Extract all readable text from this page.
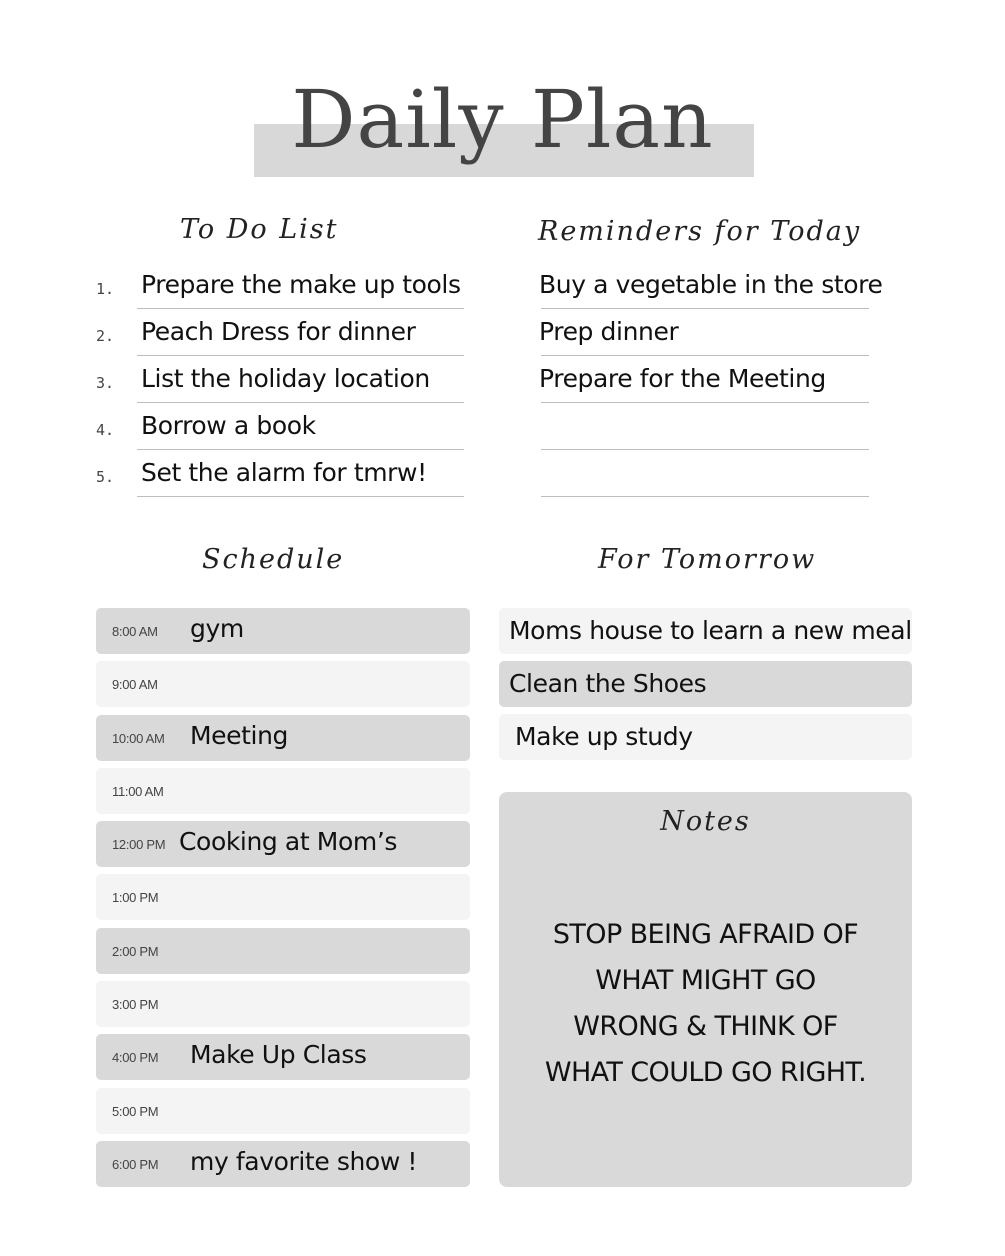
Daily Plan
To Do List
1. Prepare the make up tools
2. Peach Dress for dinner
3. List the holiday location
4. Borrow a book
5. Set the alarm for tmrw!
Reminders for Today
Buy a vegetable in the store
Prep dinner
Prepare for the Meeting
Schedule
8:00 AM gym
9:00 AM
10:00 AM Meeting
11:00 AM
12:00 PM Cooking at Mom’s
1:00 PM
2:00 PM
3:00 PM
4:00 PM Make Up Class
5:00 PM
6:00 PM my favorite show !
For Tomorrow
Moms house to learn a new meal
Clean the Shoes
Make up study
Notes
STOP BEING AFRAID OF
WHAT MIGHT GO
WRONG & THINK OF
WHAT COULD GO RIGHT.
